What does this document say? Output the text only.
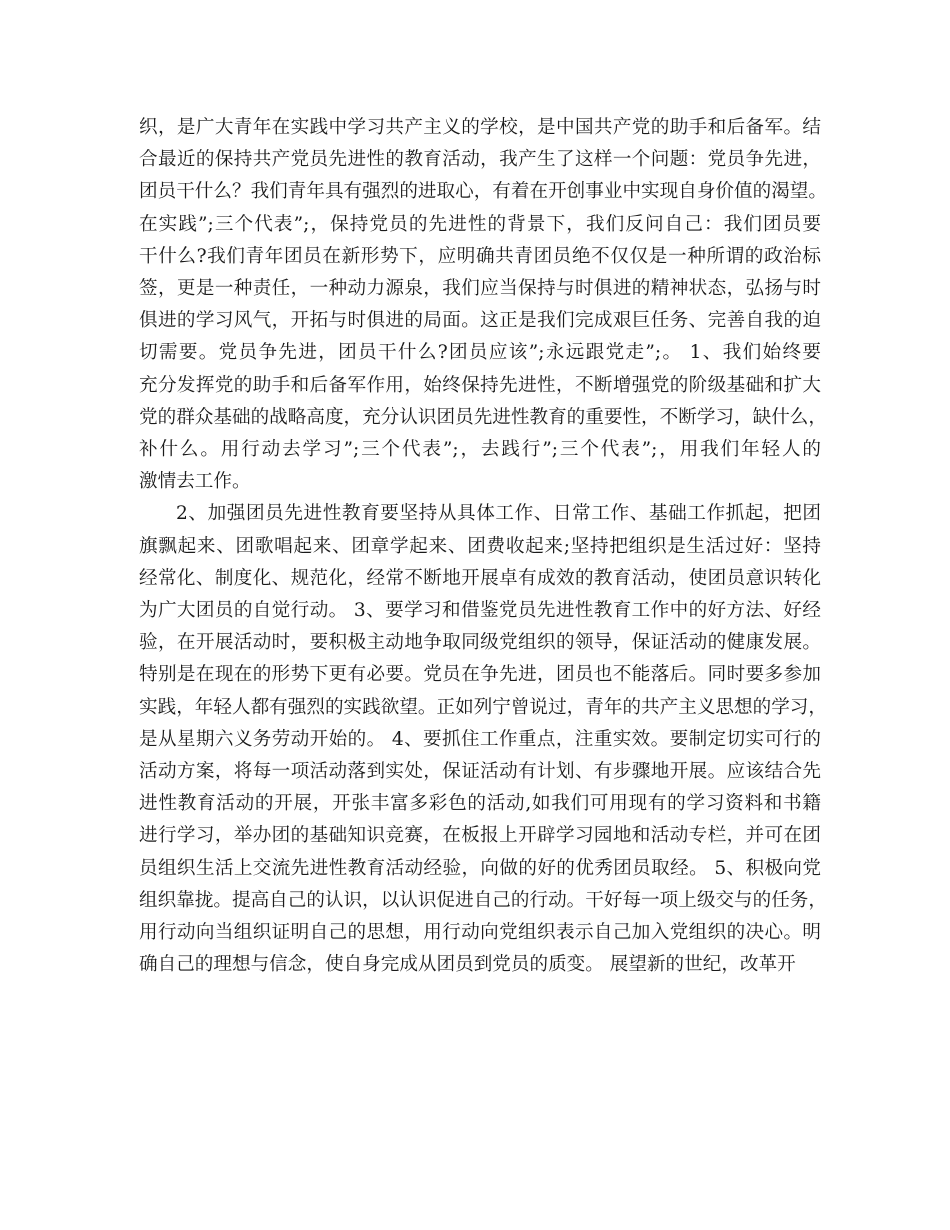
织，是广大青年在实践中学习共产主义的学校，是中国共产党的助手和后备军。结
合最近的保持共产党员先进性的教育活动，我产生了这样一个问题：党员争先进，
团员干什么？我们青年具有强烈的进取心，有着在开创事业中实现自身价值的渴望。
在实践”;三个代表”;，保持党员的先进性的背景下，我们反问自己：我们团员要
干什么?我们青年团员在新形势下，应明确共青团员绝不仅仅是一种所谓的政治标
签，更是一种责任，一种动力源泉，我们应当保持与时俱进的精神状态，弘扬与时
俱进的学习风气，开拓与时俱进的局面。这正是我们完成艰巨任务、完善自我的迫
切需要。党员争先进，团员干什么?团员应该”;永远跟党走”;。 1、我们始终要
充分发挥党的助手和后备军作用，始终保持先进性，不断增强党的阶级基础和扩大
党的群众基础的战略高度，充分认识团员先进性教育的重要性，不断学习，缺什么，
补什么。用行动去学习”;三个代表”;，去践行”;三个代表”;，用我们年轻人的
激情去工作。

2、加强团员先进性教育要坚持从具体工作、日常工作、基础工作抓起，把团
旗飘起来、团歌唱起来、团章学起来、团费收起来;坚持把组织是生活过好：坚持
经常化、制度化、规范化，经常不断地开展卓有成效的教育活动，使团员意识转化
为广大团员的自觉行动。 3、要学习和借鉴党员先进性教育工作中的好方法、好经
验，在开展活动时，要积极主动地争取同级党组织的领导，保证活动的健康发展。
特别是在现在的形势下更有必要。党员在争先进，团员也不能落后。同时要多参加
实践，年轻人都有强烈的实践欲望。正如列宁曾说过，青年的共产主义思想的学习，
是从星期六义务劳动开始的。 4、要抓住工作重点，注重实效。要制定切实可行的
活动方案，将每一项活动落到实处，保证活动有计划、有步骤地开展。应该结合先
进性教育活动的开展，开张丰富多彩色的活动,如我们可用现有的学习资料和书籍
进行学习，举办团的基础知识竞赛，在板报上开辟学习园地和活动专栏，并可在团
员组织生活上交流先进性教育活动经验，向做的好的优秀团员取经。 5、积极向党
组织靠拢。提高自己的认识，以认识促进自己的行动。干好每一项上级交与的任务，
用行动向当组织证明自己的思想，用行动向党组织表示自己加入党组织的决心。明
确自己的理想与信念，使自身完成从团员到党员的质变。 展望新的世纪，改革开
